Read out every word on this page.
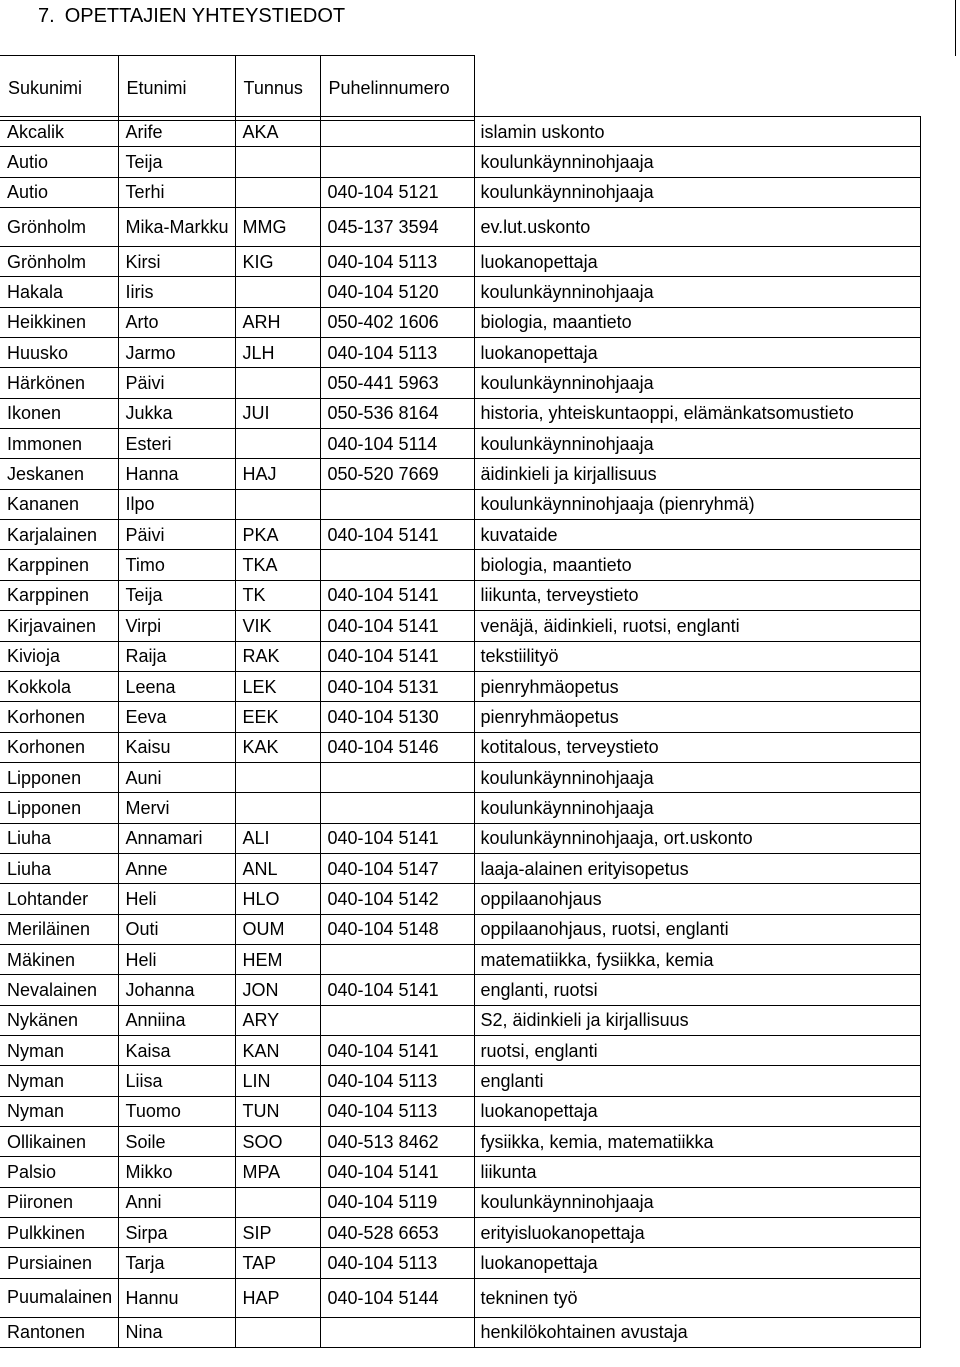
7. OPETTAJIEN YHTEYSTIEDOT
Sukunimi	Etunimi	Tunnus	Puhelinnumero
Akcalik	Arife	AKA		islamin uskonto
Autio	Teija			koulunkäynninohjaaja
Autio	Terhi		040-104 5121	koulunkäynninohjaaja
Grönholm	Mika-Markku	MMG	045-137 3594	ev.lut.uskonto
Grönholm	Kirsi	KIG	040-104 5113	luokanopettaja
Hakala	Iiris		040-104 5120	koulunkäynninohjaaja
Heikkinen	Arto	ARH	050-402 1606	biologia, maantieto
Huusko	Jarmo	JLH	040-104 5113	luokanopettaja
Härkönen	Päivi		050-441 5963	koulunkäynninohjaaja
Ikonen	Jukka	JUI	050-536 8164	historia, yhteiskuntaoppi, elämänkatsomustieto
Immonen	Esteri		040-104 5114	koulunkäynninohjaaja
Jeskanen	Hanna	HAJ	050-520 7669	äidinkieli ja kirjallisuus
Kananen	Ilpo			koulunkäynninohjaaja (pienryhmä)
Karjalainen	Päivi	PKA	040-104 5141	kuvataide
Karppinen	Timo	TKA		biologia, maantieto
Karppinen	Teija	TK	040-104 5141	liikunta, terveystieto
Kirjavainen	Virpi	VIK	040-104 5141	venäjä, äidinkieli, ruotsi, englanti
Kivioja	Raija	RAK	040-104 5141	tekstiilityö
Kokkola	Leena	LEK	040-104 5131	pienryhmäopetus
Korhonen	Eeva	EEK	040-104 5130	pienryhmäopetus
Korhonen	Kaisu	KAK	040-104 5146	kotitalous, terveystieto
Lipponen	Auni			koulunkäynninohjaaja
Lipponen	Mervi			koulunkäynninohjaaja
Liuha	Annamari	ALI	040-104 5141	koulunkäynninohjaaja, ort.uskonto
Liuha	Anne	ANL	040-104 5147	laaja-alainen erityisopetus
Lohtander	Heli	HLO	040-104 5142	oppilaanohjaus
Meriläinen	Outi	OUM	040-104 5148	oppilaanohjaus, ruotsi, englanti
Mäkinen	Heli	HEM		matematiikka, fysiikka, kemia
Nevalainen	Johanna	JON	040-104 5141	englanti, ruotsi
Nykänen	Anniina	ARY		S2, äidinkieli ja kirjallisuus
Nyman	Kaisa	KAN	040-104 5141	ruotsi, englanti
Nyman	Liisa	LIN	040-104 5113	englanti
Nyman	Tuomo	TUN	040-104 5113	luokanopettaja
Ollikainen	Soile	SOO	040-513 8462	fysiikka, kemia, matematiikka
Palsio	Mikko	MPA	040-104 5141	liikunta
Piironen	Anni		040-104 5119	koulunkäynninohjaaja
Pulkkinen	Sirpa	SIP	040-528 6653	erityisluokanopettaja
Pursiainen	Tarja	TAP	040-104 5113	luokanopettaja
Puumalainen	Hannu	HAP	040-104 5144	tekninen työ
Rantonen	Nina			henkilökohtainen avustaja
